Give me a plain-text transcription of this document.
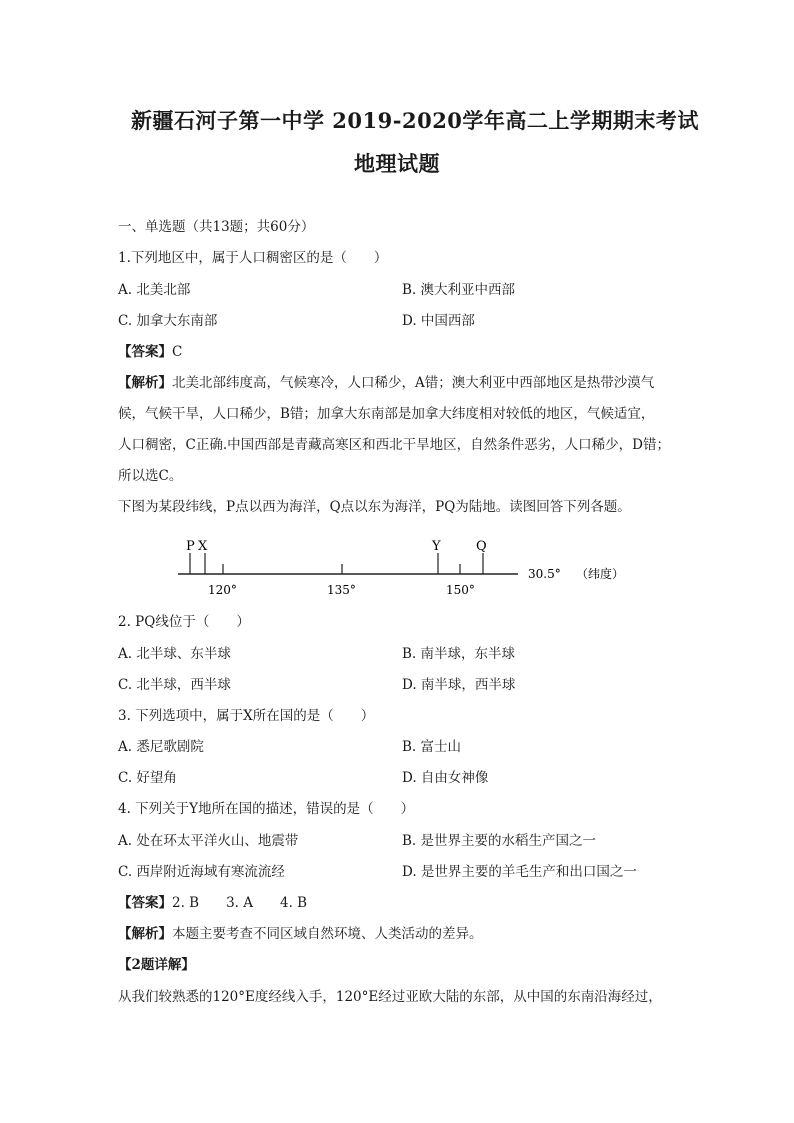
新疆石河子第一中学 2019-2020学年高二上学期期末考试
地理试题
一、单选题（共13题；共60分）
1.下列地区中，属于人口稠密区的是（　　）
A. 北美北部	B. 澳大利亚中西部
C. 加拿大东南部	D. 中国西部
【答案】C
【解析】北美北部纬度高，气候寒冷，人口稀少，A错；澳大利亚中西部地区是热带沙漠气
候，气候干旱，人口稀少，B错；加拿大东南部是加拿大纬度相对较低的地区，气候适宜，
人口稠密，C正确.中国西部是青藏高寒区和西北干旱地区，自然条件恶劣，人口稀少，D错；
所以选C。
下图为某段纬线，P点以西为海洋，Q点以东为海洋，PQ为陆地。读图回答下列各题。
P X	Y	Q
120°	135°	150°
30.5° （纬度）
2. PQ线位于（　　）
A. 北半球、东半球	B. 南半球，东半球
C. 北半球，西半球	D. 南半球，西半球
3. 下列选项中，属于X所在国的是（　　）
A. 悉尼歌剧院	B. 富士山
C. 好望角	D. 自由女神像
4. 下列关于Y地所在国的描述，错误的是（　　）
A. 处在环太平洋火山、地震带	B. 是世界主要的水稻生产国之一
C. 西岸附近海域有寒流流经	D. 是世界主要的羊毛生产和出口国之一
【答案】2. B　　3. A　　4. B
【解析】本题主要考查不同区域自然环境、人类活动的差异。
【2题详解】
从我们较熟悉的120°E度经线入手，120°E经过亚欧大陆的东部，从中国的东南沿海经过，
